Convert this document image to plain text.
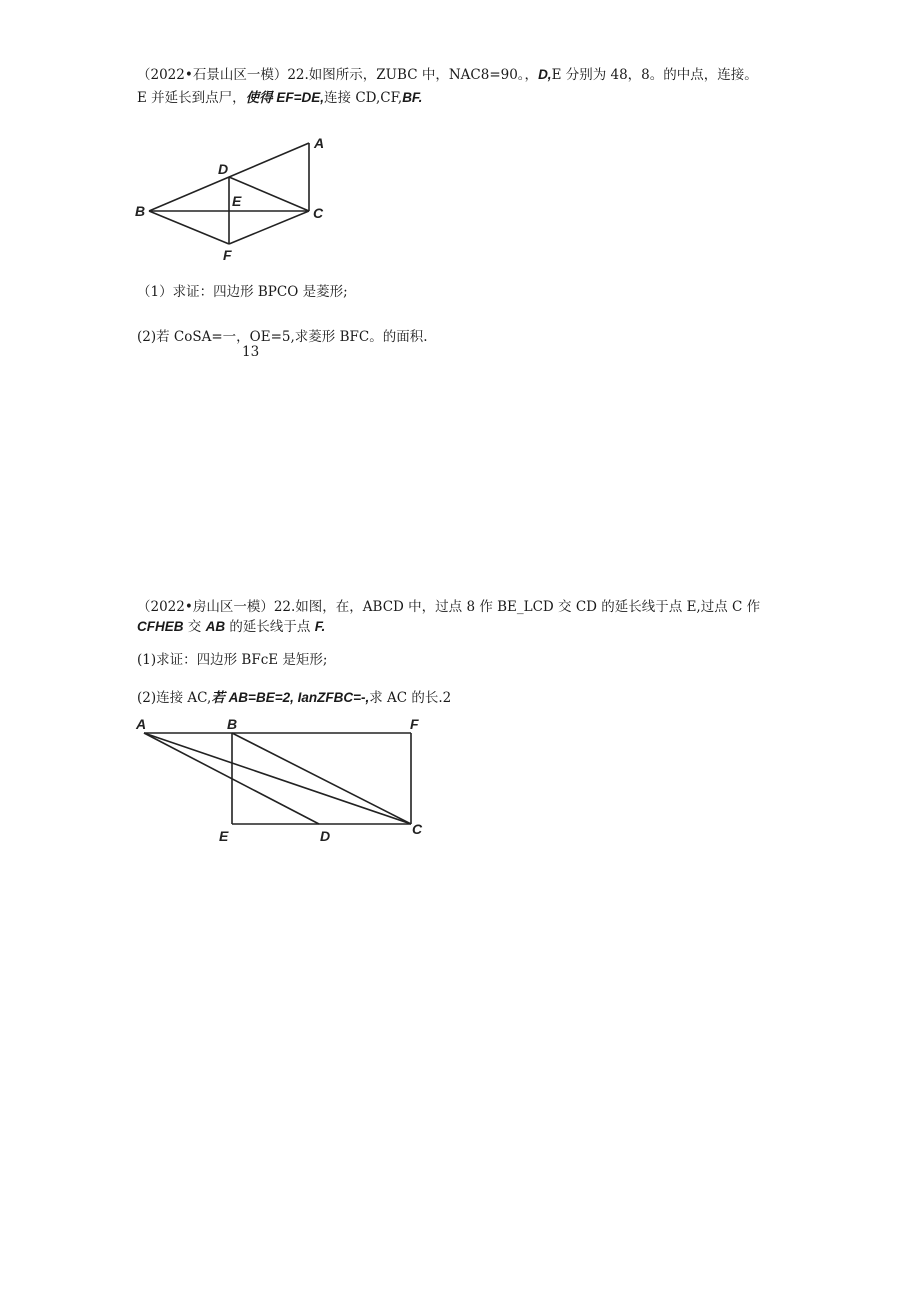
（2022•石景山区一模）22.如图所示，ZUBC 中，NAC8=90。，D,E 分别为 48，8。的中点，连接。
E 并延长到点尸，使得 EF=DE,连接 CD,CF,BF.
A
B	C
D
E
F
（1）求证：四边形 BPCO 是菱形;
(2)若 CoSA=一，OE=5,求菱形 BFC。的面积.
13
（2022•房山区一模）22.如图，在，ABCD 中，过点 8 作 BE_LCD 交 CD 的延长线于点 E,过点 C 作
CFHEB 交 AB 的延长线于点 F.
(1)求证：四边形 BFcE 是矩形;
(2)连接 AC,若 AB=BE=2, IanZFBC=-,求 AC 的长.2
A	B	F
E	D	C
